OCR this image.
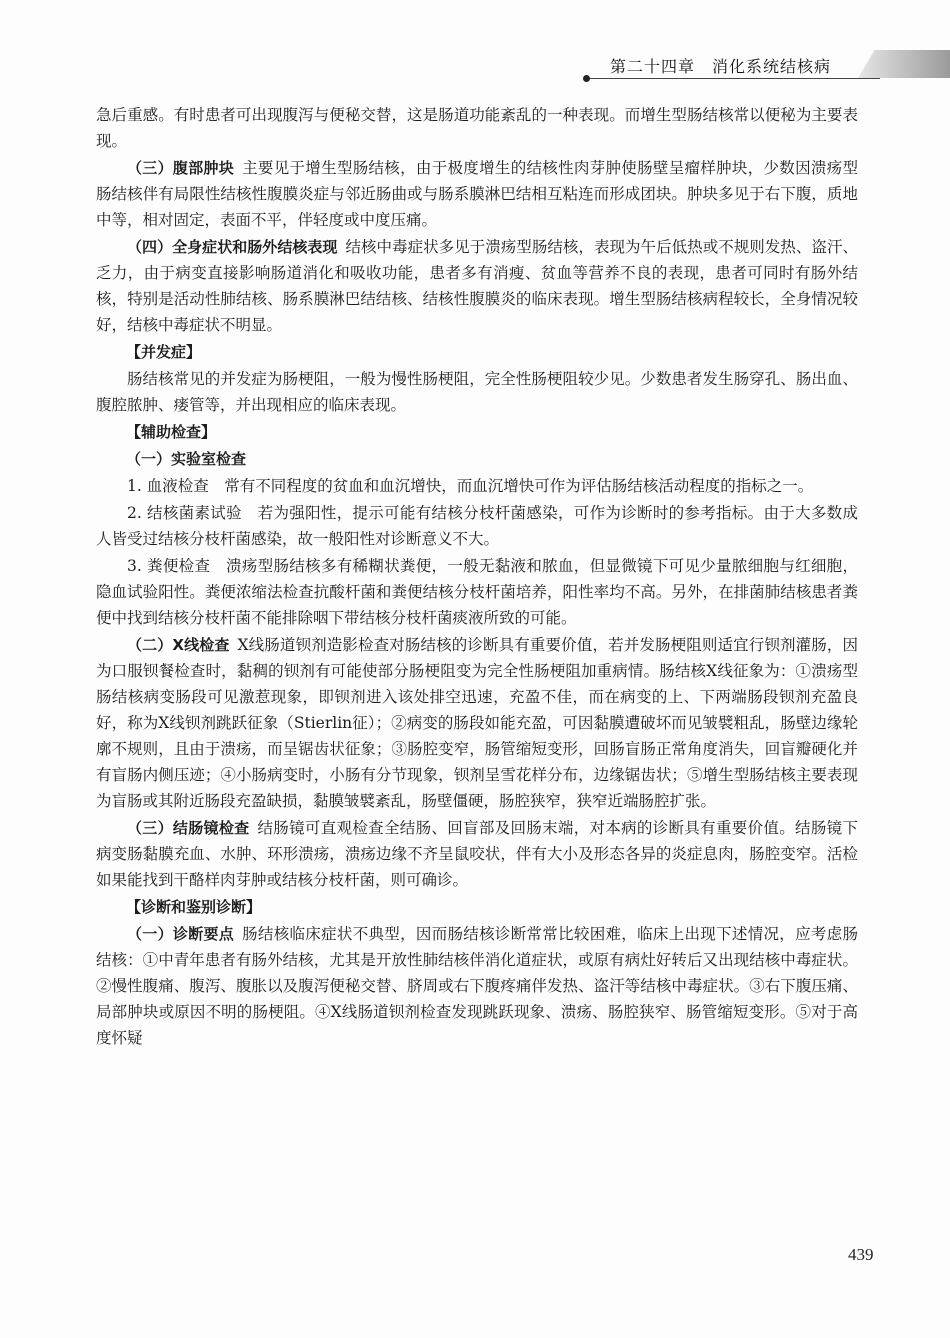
第二十四章　消化系统结核病

急后重感。有时患者可出现腹泻与便秘交替，这是肠道功能紊乱的一种表现。而增生型肠结核常以便秘为主要表现。

（三）腹部肿块 主要见于增生型肠结核，由于极度增生的结核性肉芽肿使肠壁呈瘤样肿块，少数因溃疡型肠结核伴有局限性结核性腹膜炎症与邻近肠曲或与肠系膜淋巴结相互粘连而形成团块。肿块多见于右下腹，质地中等，相对固定，表面不平，伴轻度或中度压痛。

（四）全身症状和肠外结核表现 结核中毒症状多见于溃疡型肠结核，表现为午后低热或不规则发热、盗汗、乏力，由于病变直接影响肠道消化和吸收功能，患者多有消瘦、贫血等营养不良的表现，患者可同时有肠外结核，特别是活动性肺结核、肠系膜淋巴结结核、结核性腹膜炎的临床表现。增生型肠结核病程较长，全身情况较好，结核中毒症状不明显。

【并发症】

肠结核常见的并发症为肠梗阻，一般为慢性肠梗阻，完全性肠梗阻较少见。少数患者发生肠穿孔、肠出血、腹腔脓肿、瘘管等，并出现相应的临床表现。

【辅助检查】

（一）实验室检查

1. 血液检查　常有不同程度的贫血和血沉增快，而血沉增快可作为评估肠结核活动程度的指标之一。

2. 结核菌素试验　若为强阳性，提示可能有结核分枝杆菌感染，可作为诊断时的参考指标。由于大多数成人皆受过结核分枝杆菌感染，故一般阳性对诊断意义不大。

3. 粪便检查　溃疡型肠结核多有稀糊状粪便，一般无黏液和脓血，但显微镜下可见少量脓细胞与红细胞，隐血试验阳性。粪便浓缩法检查抗酸杆菌和粪便结核分枝杆菌培养，阳性率均不高。另外，在排菌肺结核患者粪便中找到结核分枝杆菌不能排除咽下带结核分枝杆菌痰液所致的可能。

（二）X线检查 X线肠道钡剂造影检查对肠结核的诊断具有重要价值，若并发肠梗阻则适宜行钡剂灌肠，因为口服钡餐检查时，黏稠的钡剂有可能使部分肠梗阻变为完全性肠梗阻加重病情。肠结核X线征象为：①溃疡型肠结核病变肠段可见激惹现象，即钡剂进入该处排空迅速，充盈不佳，而在病变的上、下两端肠段钡剂充盈良好，称为X线钡剂跳跃征象（Stierlin征）；②病变的肠段如能充盈，可因黏膜遭破坏而见皱襞粗乱，肠壁边缘轮廓不规则，且由于溃疡，而呈锯齿状征象；③肠腔变窄，肠管缩短变形，回肠盲肠正常角度消失，回盲瓣硬化并有盲肠内侧压迹；④小肠病变时，小肠有分节现象，钡剂呈雪花样分布，边缘锯齿状；⑤增生型肠结核主要表现为盲肠或其附近肠段充盈缺损，黏膜皱襞紊乱，肠壁僵硬，肠腔狭窄，狭窄近端肠腔扩张。

（三）结肠镜检查 结肠镜可直观检查全结肠、回盲部及回肠末端，对本病的诊断具有重要价值。结肠镜下病变肠黏膜充血、水肿、环形溃疡，溃疡边缘不齐呈鼠咬状，伴有大小及形态各异的炎症息肉，肠腔变窄。活检如果能找到干酪样肉芽肿或结核分枝杆菌，则可确诊。

【诊断和鉴别诊断】

（一）诊断要点 肠结核临床症状不典型，因而肠结核诊断常常比较困难，临床上出现下述情况，应考虑肠结核：①中青年患者有肠外结核，尤其是开放性肺结核伴消化道症状，或原有病灶好转后又出现结核中毒症状。②慢性腹痛、腹泻、腹胀以及腹泻便秘交替、脐周或右下腹疼痛伴发热、盗汗等结核中毒症状。③右下腹压痛、局部肿块或原因不明的肠梗阻。④X线肠道钡剂检查发现跳跃现象、溃疡、肠腔狭窄、肠管缩短变形。⑤对于高度怀疑

439
